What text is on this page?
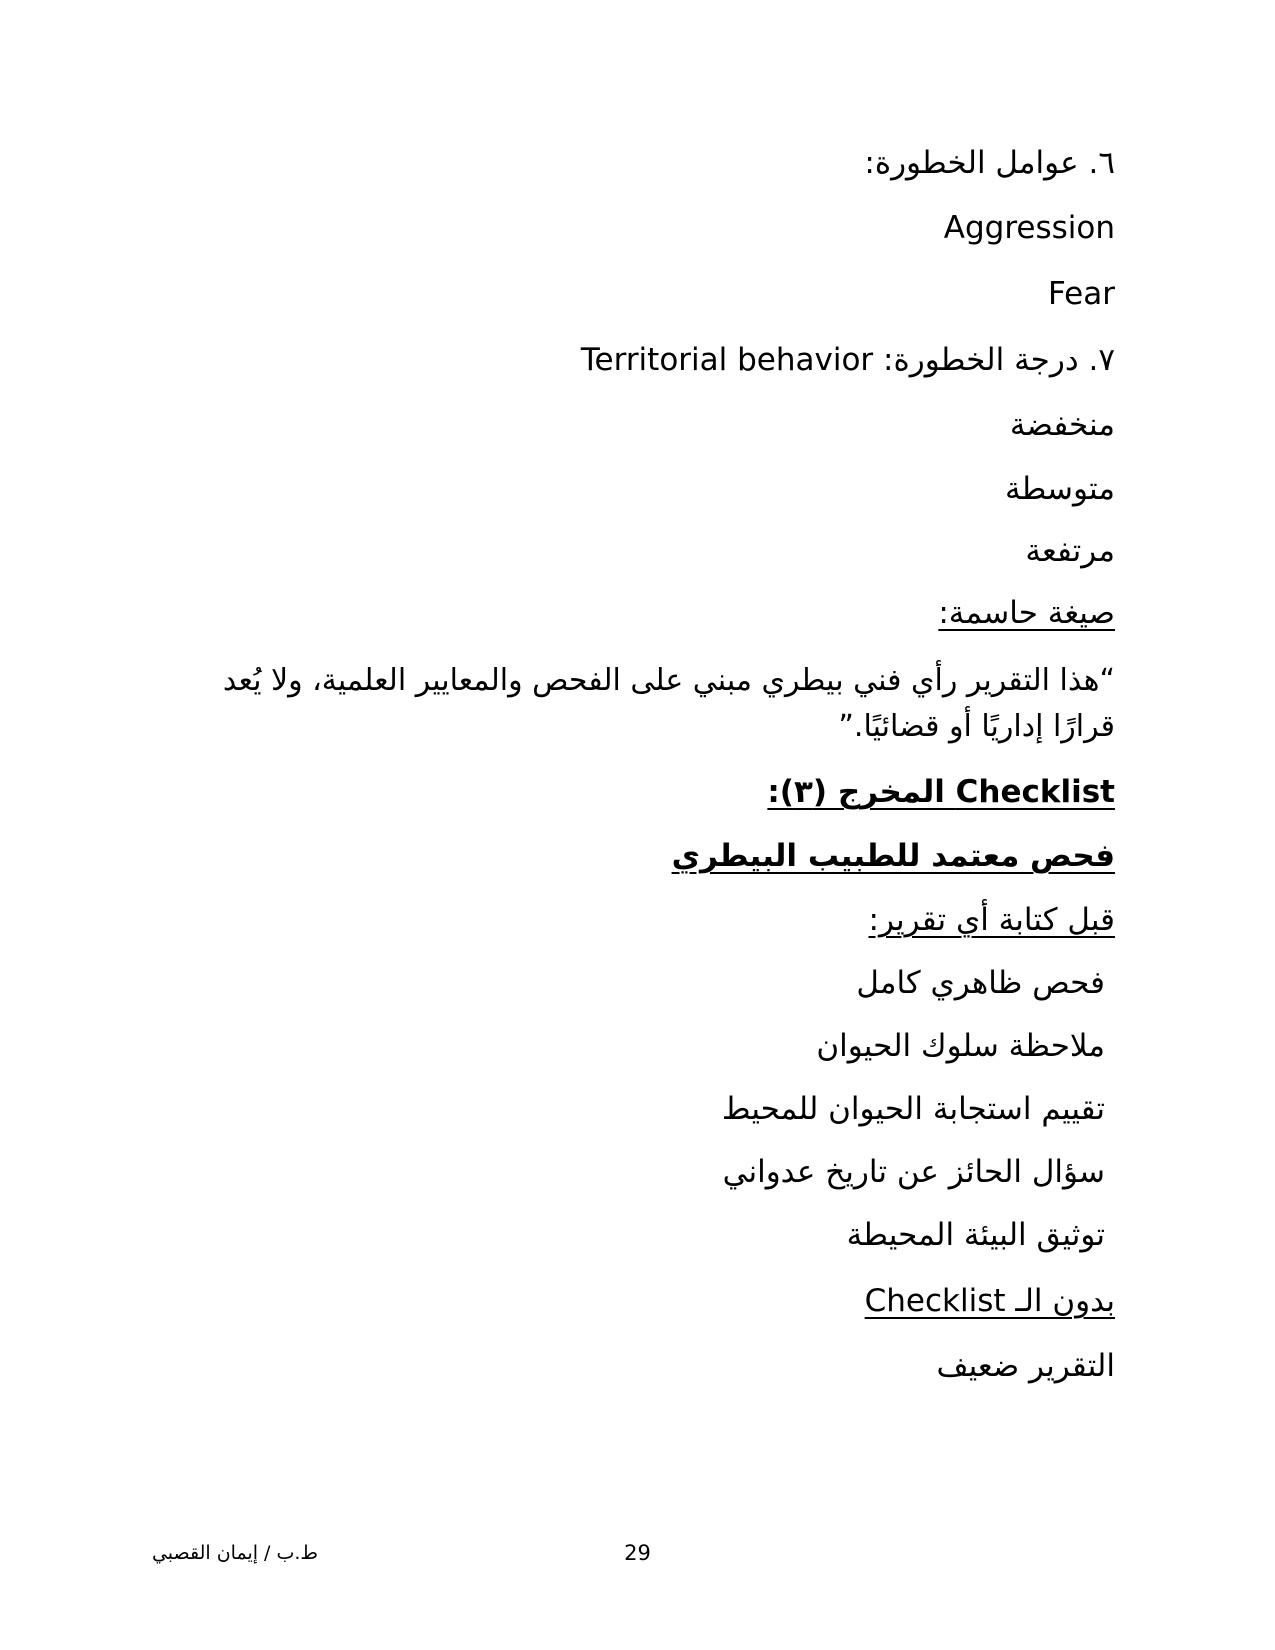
٦. عوامل الخطورة:
Aggression
Fear
٧. درجة الخطورة: Territorial behavior
منخفضة
متوسطة
مرتفعة
صيغة حاسمة:
“هذا التقرير رأي فني بيطري مبني على الفحص والمعايير العلمية، ولا يُعد قرارًا إداريًا أو قضائيًا.”
Checklist المخرج (٣):
فحص معتمد للطبيب البيطري
قبل كتابة أي تقرير:
فحص ظاهري كامل
ملاحظة سلوك الحيوان
تقييم استجابة الحيوان للمحيط
سؤال الحائز عن تاريخ عدواني
توثيق البيئة المحيطة
بدون الـ Checklist
التقرير ضعيف
ط.ب / إيمان القصبي	29
